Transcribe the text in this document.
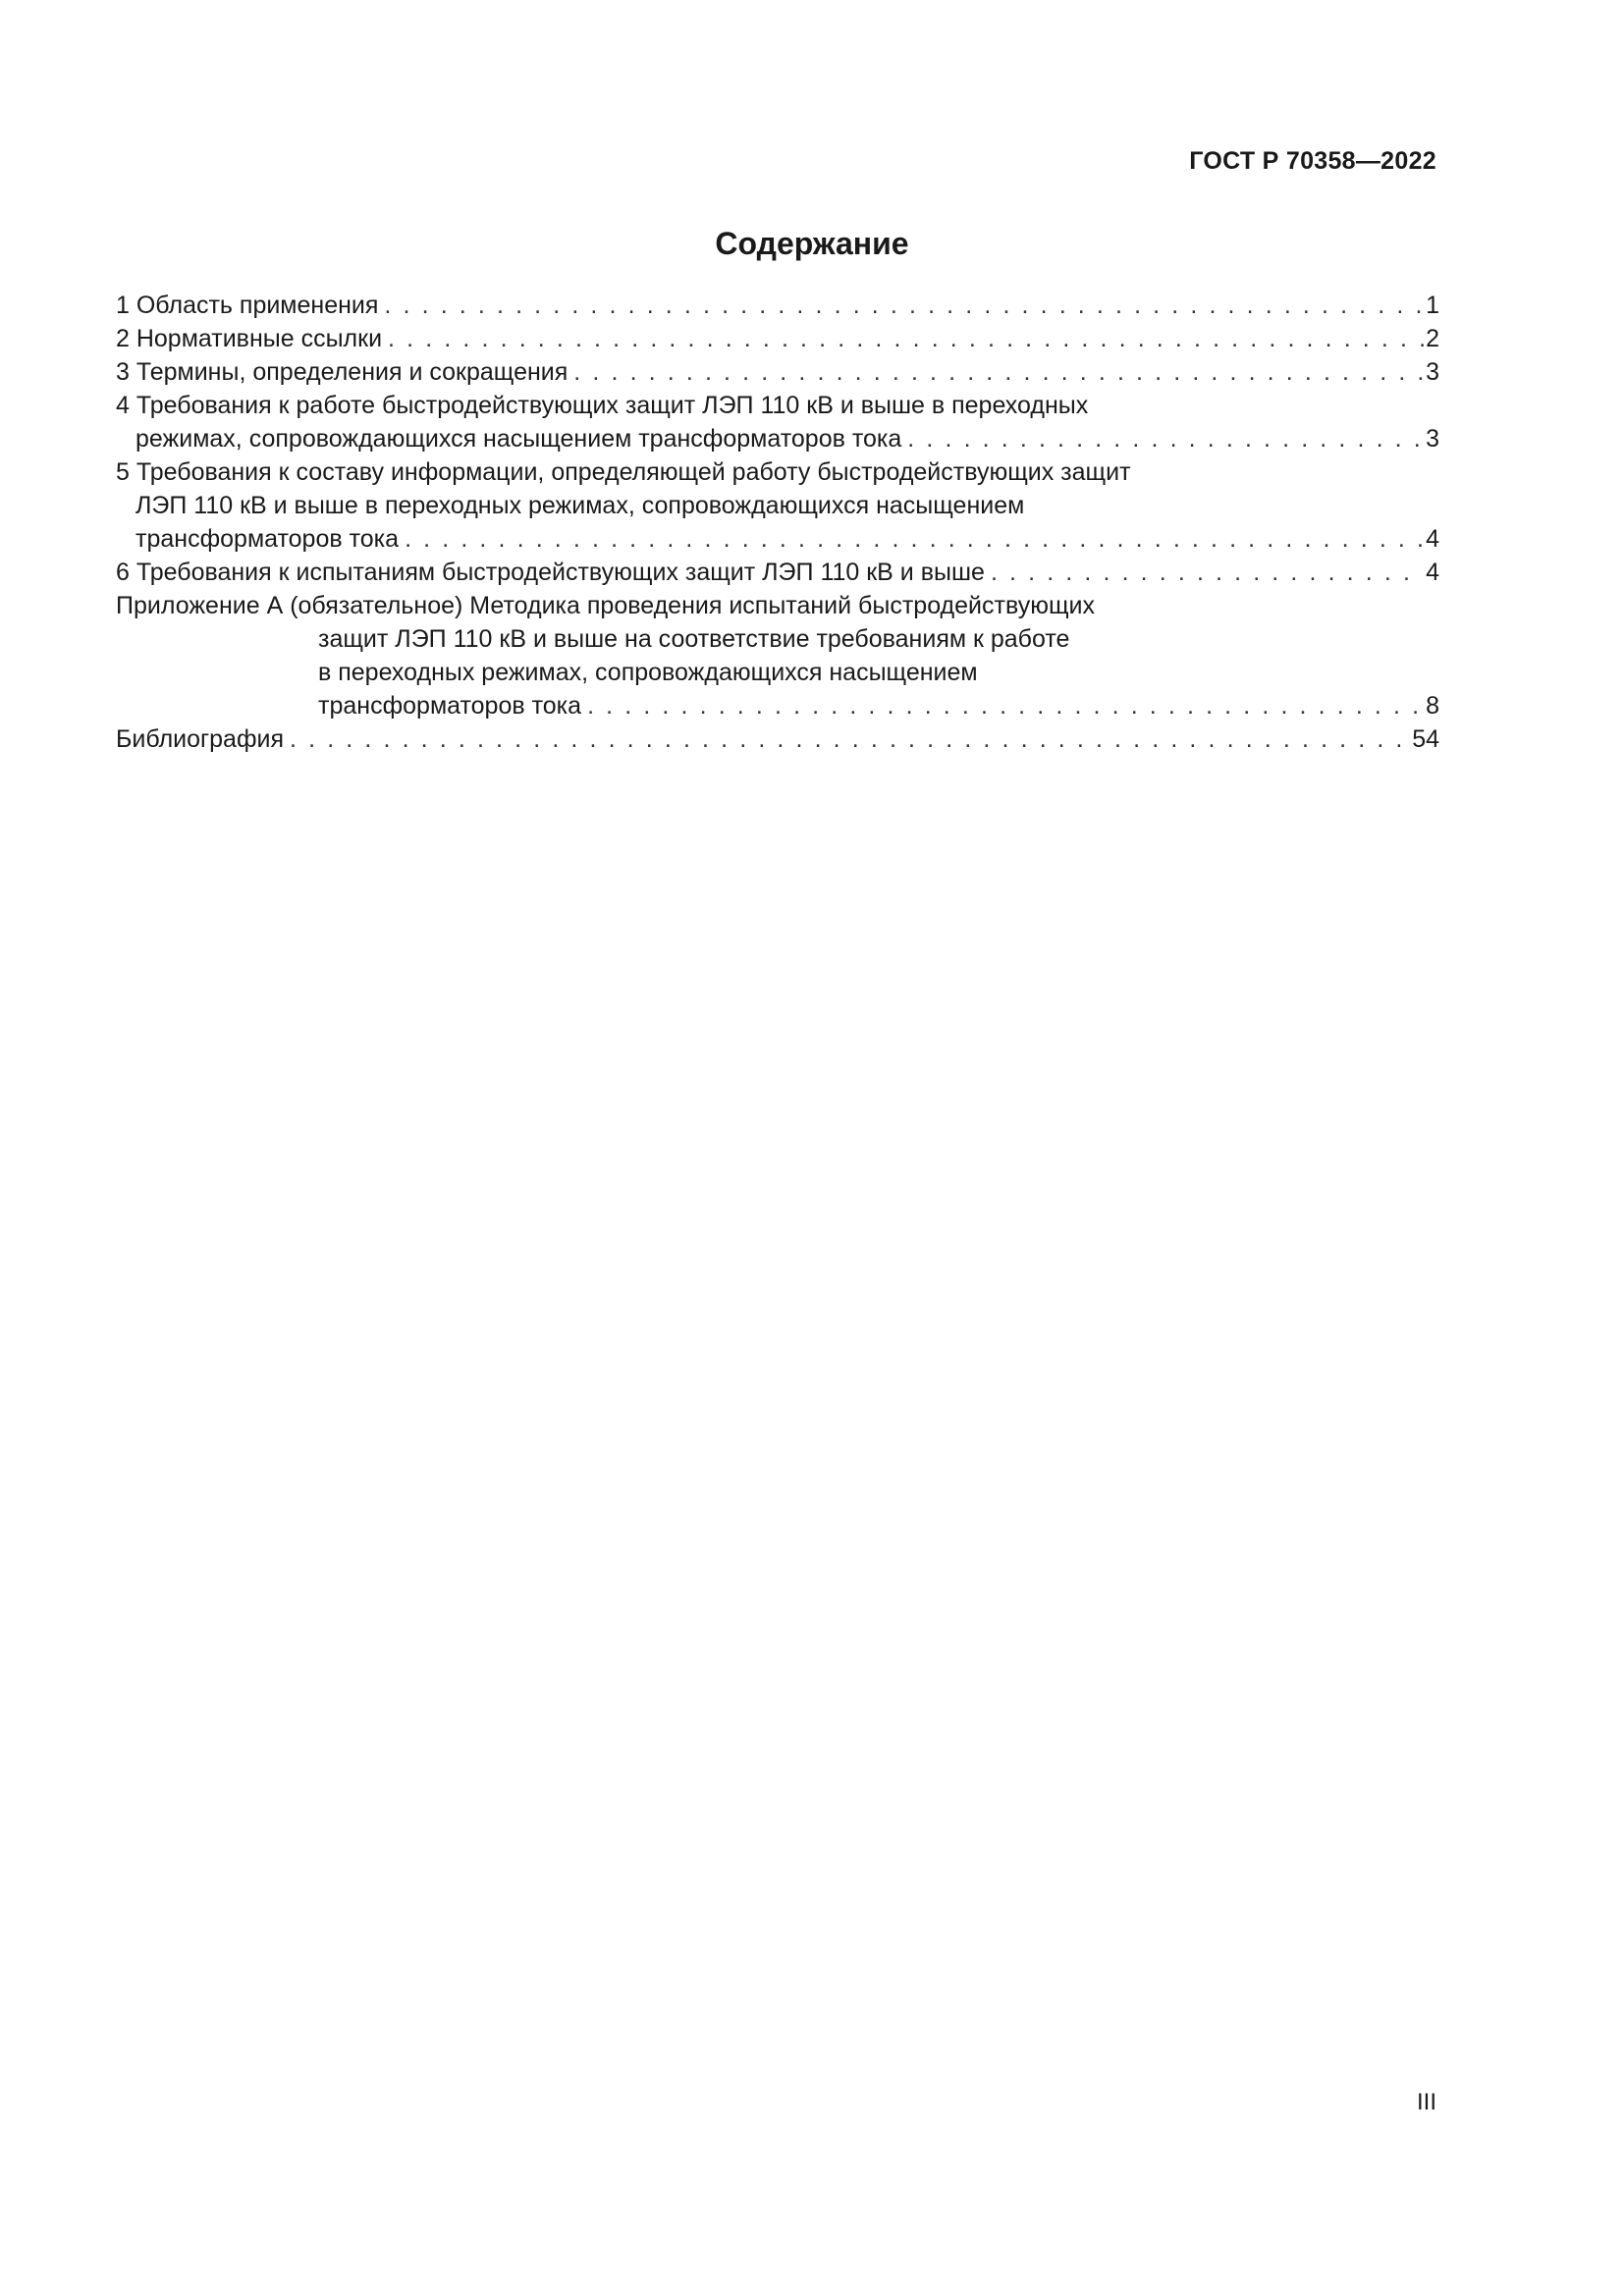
ГОСТ Р 70358—2022
Содержание
1 Область применения . . .	1
2 Нормативные ссылки . . .	2
3 Термины, определения и сокращения . . .	3
4 Требования к работе быстродействующих защит ЛЭП 110 кВ и выше в переходных
режимах, сопровождающихся насыщением трансформаторов тока . . .	3
5 Требования к составу информации, определяющей работу быстродействующих защит
ЛЭП 110 кВ и выше в переходных режимах, сопровождающихся насыщением
трансформаторов тока . . .	4
6 Требования к испытаниям быстродействующих защит ЛЭП 110 кВ и выше . . .	4
Приложение А (обязательное) Методика проведения испытаний быстродействующих
защит ЛЭП 110 кВ и выше на соответствие требованиям к работе
в переходных режимах, сопровождающихся насыщением
трансформаторов тока . . .	8
Библиография . . .	54
III
